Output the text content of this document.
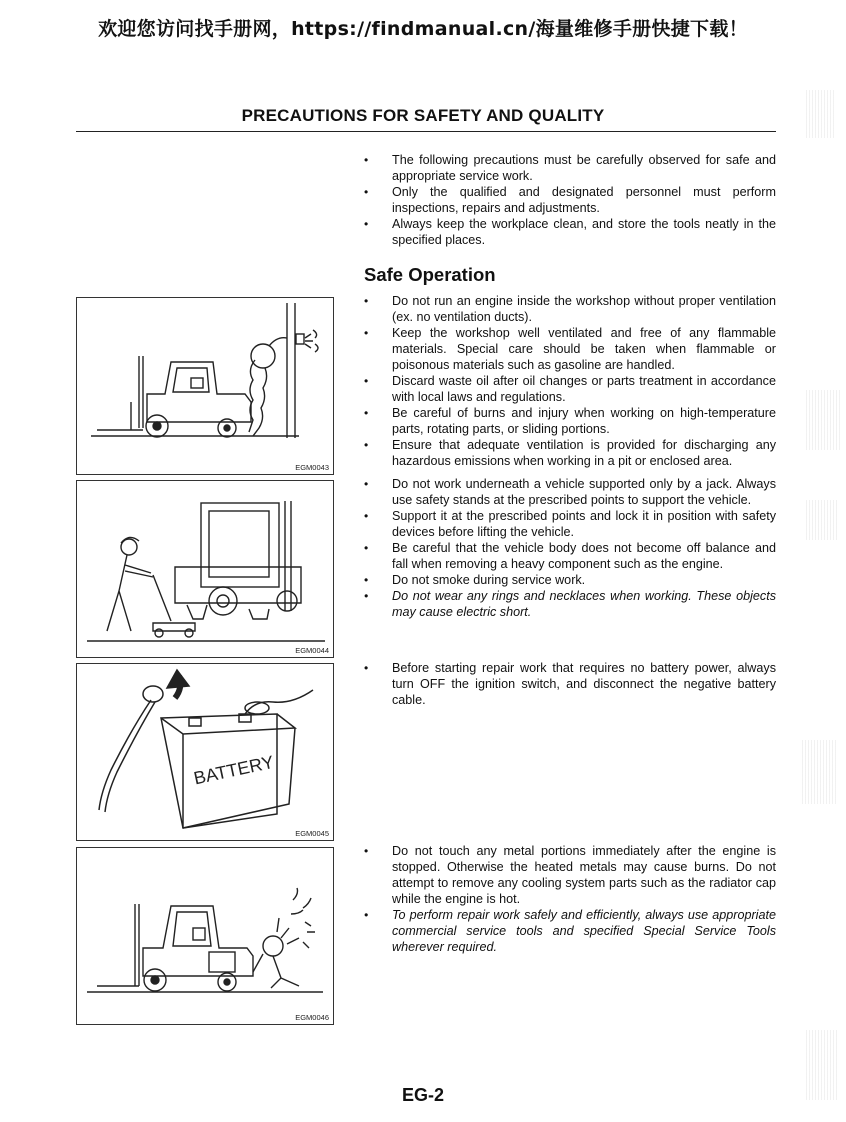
欢迎您访问找手册网，https://findmanual.cn/海量维修手册快捷下载！
PRECAUTIONS FOR SAFETY AND QUALITY
• The following precautions must be carefully observed for safe and appropriate service work.
• Only the qualified and designated personnel must perform inspections, repairs and adjustments.
• Always keep the workplace clean, and store the tools neatly in the specified places.
Safe Operation
• Do not run an engine inside the workshop without proper ventilation (ex. no ventilation ducts).
• Keep the workshop well ventilated and free of any flammable materials. Special care should be taken when flammable or poisonous materials such as gasoline are handled.
• Discard waste oil after oil changes or parts treatment in accordance with local laws and regulations.
• Be careful of burns and injury when working on high-temperature parts, rotating parts, or sliding portions.
• Ensure that adequate ventilation is provided for discharging any hazardous emissions when working in a pit or enclosed area.
• Do not work underneath a vehicle supported only by a jack. Always use safety stands at the prescribed points to support the vehicle.
• Support it at the prescribed points and lock it in position with safety devices before lifting the vehicle.
• Be careful that the vehicle body does not become off balance and fall when removing a heavy component such as the engine.
• Do not smoke during service work.
• Do not wear any rings and necklaces when working. These objects may cause electric short.
• Before starting repair work that requires no battery power, always turn OFF the ignition switch, and disconnect the negative battery cable.
• Do not touch any metal portions immediately after the engine is stopped. Otherwise the heated metals may cause burns. Do not attempt to remove any cooling system parts such as the radiator cap while the engine is hot.
• To perform repair work safely and efficiently, always use appropriate commercial service tools and specified Special Service Tools wherever required.
EGM0043
EGM0044
BATTERY
EGM0045
EGM0046
EG-2
